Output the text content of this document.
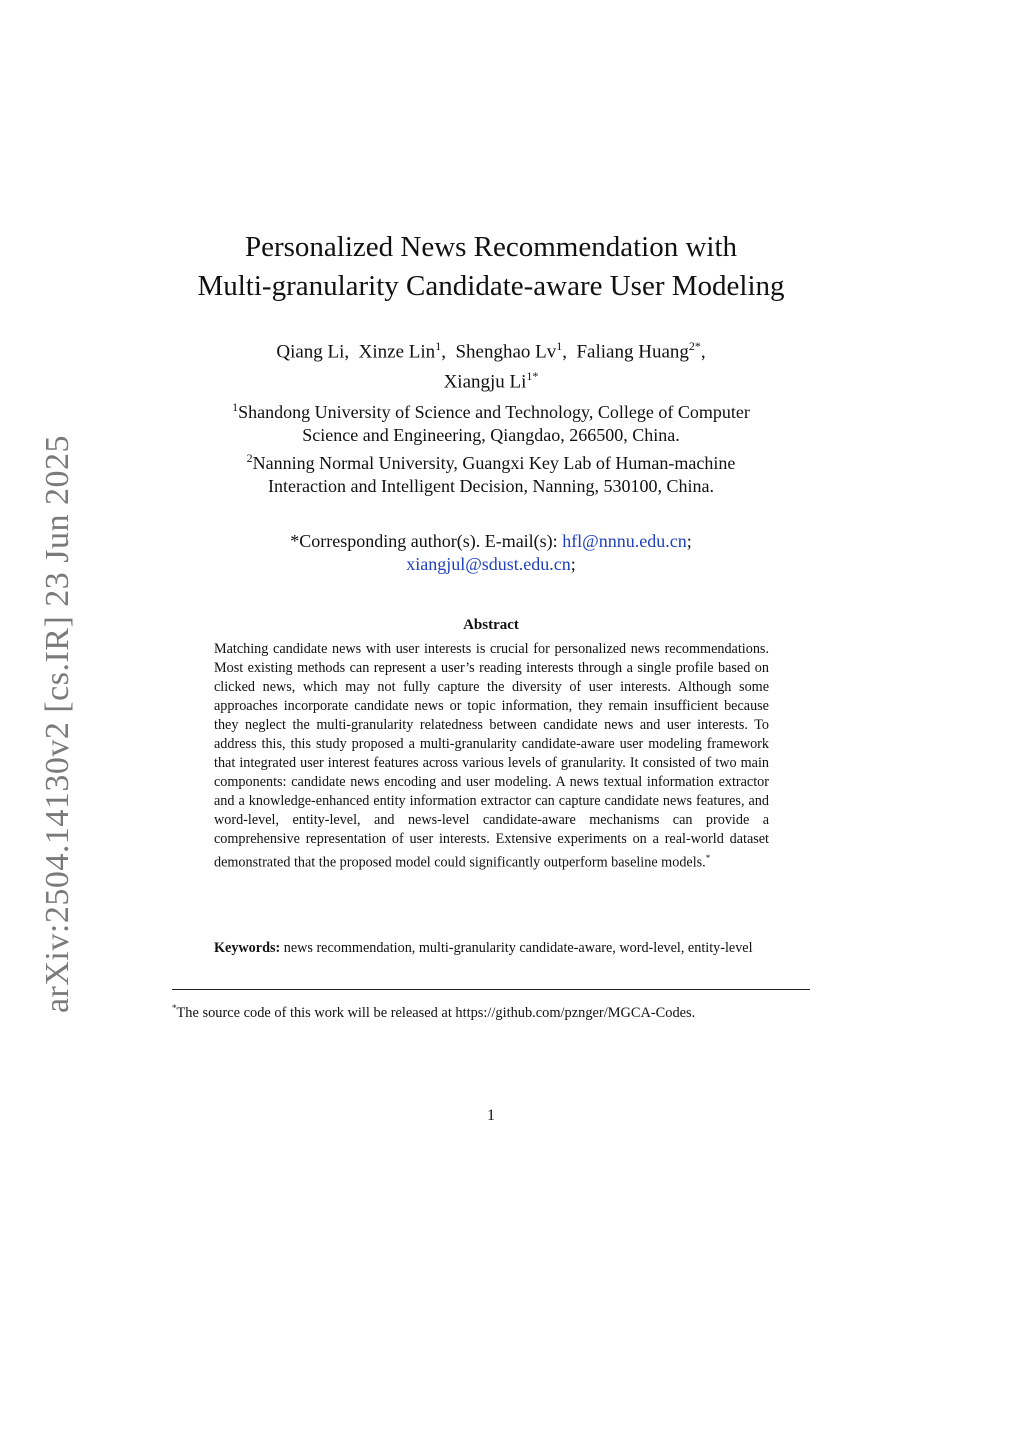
arXiv:2504.14130v2 [cs.IR] 23 Jun 2025
Personalized News Recommendation with
Multi-granularity Candidate-aware User Modeling
Qiang Li,  Xinze Lin$^1$,  Shenghao Lv$^1$,  Faliang Huang$^{2*}$,
Xiangju $Li^{1*}$
$^1$Shandong University of Science and Technology, College of Computer
Science and Engineering, Qiangdao, 266500, China.
$^2$Nanning Normal University, Guangxi Key Lab of Human-machine
Interaction and Intelligent Decision, Nanning, 530100, China.
*Corresponding author(s). E-mail(s): hfl@nnnu.edu.cn;
xiangjul@sdust.edu.cn;
Abstract
Matching candidate news with user interests is crucial for personalized news recommendations. Most existing methods can represent a user’s reading interests through a single profile based on clicked news, which may not fully capture the diversity of user interests. Although some approaches incorporate candidate news or topic information, they remain insufficient because they neglect the multi-granularity relatedness between candidate news and user interests. To address this, this study proposed a multi-granularity candidate-aware user modeling framework that integrated user interest features across various levels of granularity. It consisted of two main components: candidate news encoding and user modeling. A news textual information extractor and a knowledge-enhanced entity information extractor can capture candidate news features, and word-level, entity-level, and news-level candidate-aware mechanisms can provide a comprehensive representation of user interests. Extensive experiments on a real-world dataset demonstrated that the proposed model could significantly outperform baseline models.*
Keywords: news recommendation, multi-granularity candidate-aware, word-level, entity-level
*The source code of this work will be released at https://github.com/pznger/MGCA-Codes.
1
